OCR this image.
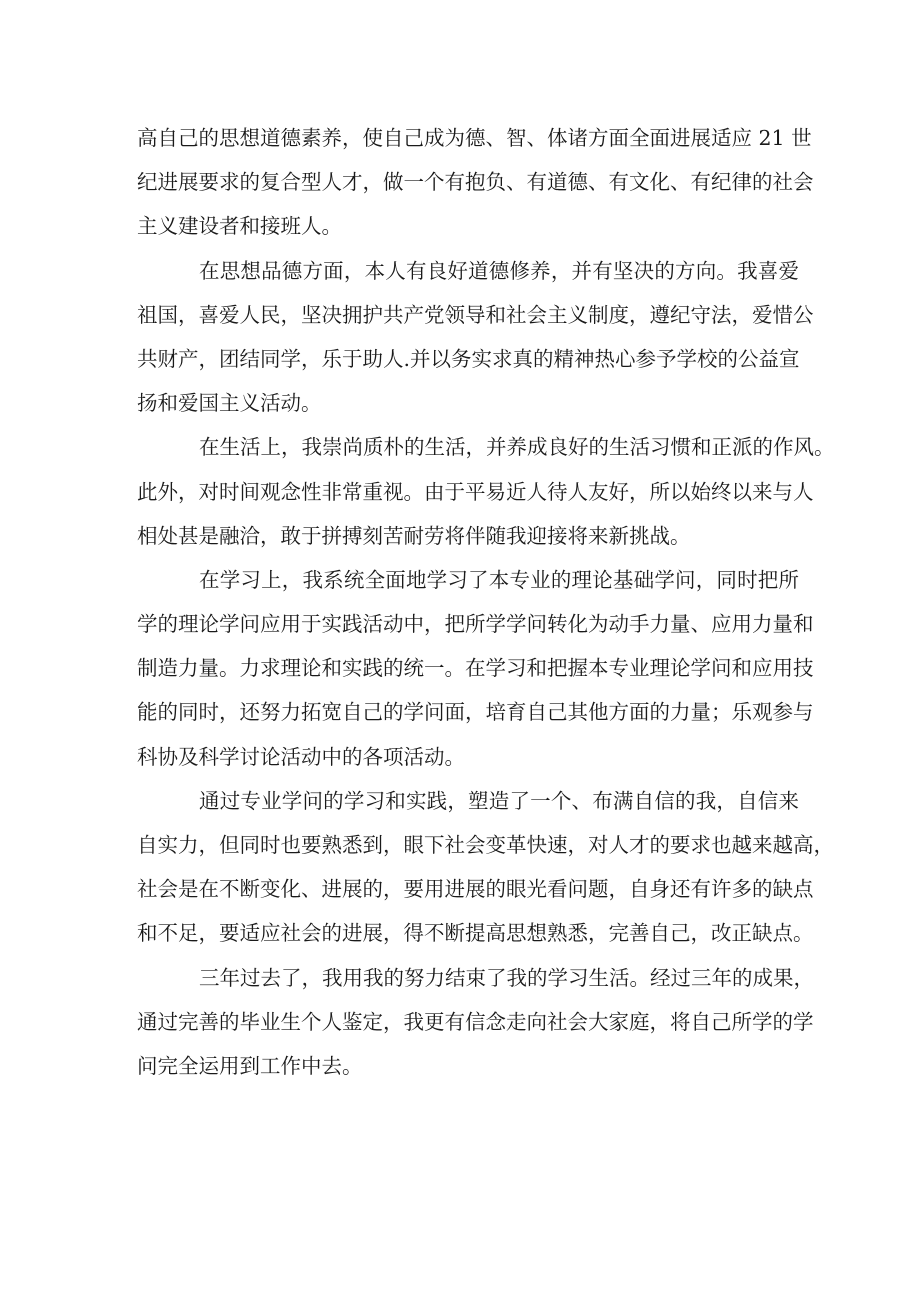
高自己的思想道德素养，使自己成为德、智、体诸方面全面进展适应 21 世
纪进展要求的复合型人才，做一个有抱负、有道德、有文化、有纪律的社会
主义建设者和接班人。
在思想品德方面，本人有良好道德修养，并有坚决的方向。我喜爱
祖国，喜爱人民，坚决拥护共产党领导和社会主义制度，遵纪守法，爱惜公
共财产，团结同学，乐于助人.并以务实求真的精神热心参予学校的公益宣
扬和爱国主义活动。
在生活上，我崇尚质朴的生活，并养成良好的生活习惯和正派的作风。
此外，对时间观念性非常重视。由于平易近人待人友好，所以始终以来与人
相处甚是融洽，敢于拼搏刻苦耐劳将伴随我迎接将来新挑战。
在学习上，我系统全面地学习了本专业的理论基础学问，同时把所
学的理论学问应用于实践活动中，把所学学问转化为动手力量、应用力量和
制造力量。力求理论和实践的统一。在学习和把握本专业理论学问和应用技
能的同时，还努力拓宽自己的学问面，培育自己其他方面的力量；乐观参与
科协及科学讨论活动中的各项活动。
通过专业学问的学习和实践，塑造了一个、布满自信的我，自信来
自实力，但同时也要熟悉到，眼下社会变革快速，对人才的要求也越来越高，
社会是在不断变化、进展的，要用进展的眼光看问题，自身还有许多的缺点
和不足，要适应社会的进展，得不断提高思想熟悉，完善自己，改正缺点。
三年过去了，我用我的努力结束了我的学习生活。经过三年的成果，
通过完善的毕业生个人鉴定，我更有信念走向社会大家庭，将自己所学的学
问完全运用到工作中去。
